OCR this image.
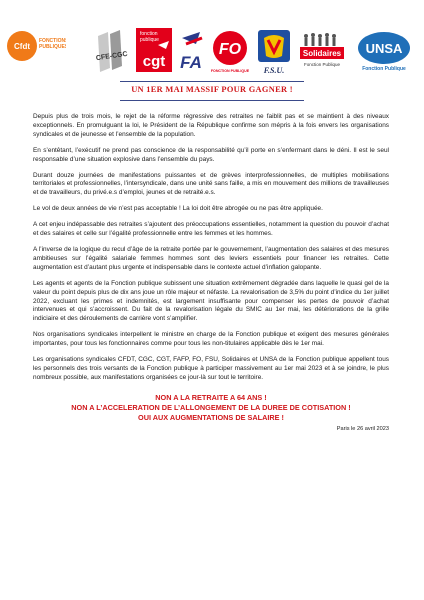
Cfdt
FONCTIONS
PUBLIQUES
CFE-CGC
fonction
publique
cgt FA
FO
FONCTION PUBLIQUE F.S.U.
Solidaires
Fonction Publique
UNSA
Fonction Publique
UN 1ER MAI MASSIF POUR GAGNER !

Depuis plus de trois mois, le rejet de la réforme régressive des retraites ne faiblit pas et se maintient à des niveaux exceptionnels. En promulguant la loi, le Président de la République confirme son mépris à la fois envers les organisations syndicales et de jeunesse et l’ensemble de la population.

En s’entêtant, l’exécutif ne prend pas conscience de la responsabilité qu’il porte en s’enfermant dans le déni. Il est le seul responsable d’une situation explosive dans l’ensemble du pays.

Durant douze journées de manifestations puissantes et de grèves interprofessionnelles, de multiples mobilisations territoriales et professionnelles, l’intersyndicale, dans une unité sans faille, a mis en mouvement des millions de travailleuses et de travailleurs, du privé.e.s d’emploi, jeunes et de retraité.e.s.

Le vol de deux années de vie n’est pas acceptable ! La loi doit être abrogée ou ne pas être appliquée.

A cet enjeu indépassable des retraites s’ajoutent des préoccupations essentielles, notamment la question du pouvoir d’achat et des salaires et celle sur l’égalité professionnelle entre les femmes et les hommes.

A l’inverse de la logique du recul d’âge de la retraite portée par le gouvernement, l’augmentation des salaires et des mesures ambitieuses sur l’égalité salariale femmes hommes sont des leviers essentiels pour financer les retraites. Cette augmentation est d’autant plus urgente et indispensable dans le contexte actuel d’inflation galopante.

Les agents et agents de la Fonction publique subissent une situation extrêmement dégradée dans laquelle le quasi gel de la valeur du point depuis plus de dix ans joue un rôle majeur et néfaste. La revalorisation de 3,5% du point d’indice du 1er juillet 2022, excluant les primes et indemnités, est largement insuffisante pour compenser les pertes de pouvoir d’achat intervenues et qui s’accroissent. Du fait de la revalorisation légale du SMIC au 1er mai, les détériorations de la grille indiciaire et des déroulements de carrière vont s’amplifier.

Nos organisations syndicales interpellent le ministre en charge de la Fonction publique et exigent des mesures générales importantes, pour tous les fonctionnaires comme pour tous les non-titulaires applicable dès le 1er mai.

Les organisations syndicales CFDT, CGC, CGT, FAFP, FO, FSU, Solidaires et UNSA de la Fonction publique appellent tous les personnels des trois versants de la Fonction publique à participer massivement au 1er mai 2023 et à se joindre, le plus nombreux possible, aux manifestations organisées ce jour-là sur tout le territoire.

NON A LA RETRAITE A 64 ANS !
NON A L’ACCELERATION DE L’ALLONGEMENT DE LA DUREE DE COTISATION !
OUI AUX AUGMENTATIONS DE SALAIRE !
Paris le 26 avril 2023
